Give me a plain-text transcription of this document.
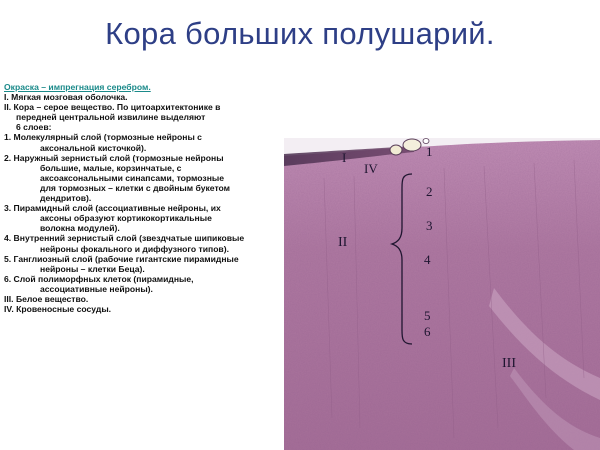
Кора больших полушарий.
Окраска – импрегнация серебром.
I. Мягкая мозговая оболочка.
II. Кора – серое вещество. По цитоархитектонике в
передней центральной извилине выделяют
6 слоев:
1. Молекулярный слой (тормозные нейроны с
аксональной кисточкой).
2. Наружный зернистый слой (тормозные нейроны
большие, малые, корзинчатые, с
аксоаксональными синапсами, тормозные
для тормозных – клетки с двойным букетом
дендритов).
3. Пирамидный слой (ассоциативные нейроны, их
аксоны образуют кортикокортикальные
волокна модулей).
4. Внутренний зернистый слой (звездчатые шипиковые
нейроны фокального и диффузного типов).
5. Ганглиозный слой (рабочие гигантские пирамидные
нейроны – клетки Беца).
6. Слой полиморфных клеток (пирамидные,
ассоциативные нейроны).
III. Белое вещество.
IV. Кровеносные сосуды.
I
IV
II
III
1
2
3
4
5
6
